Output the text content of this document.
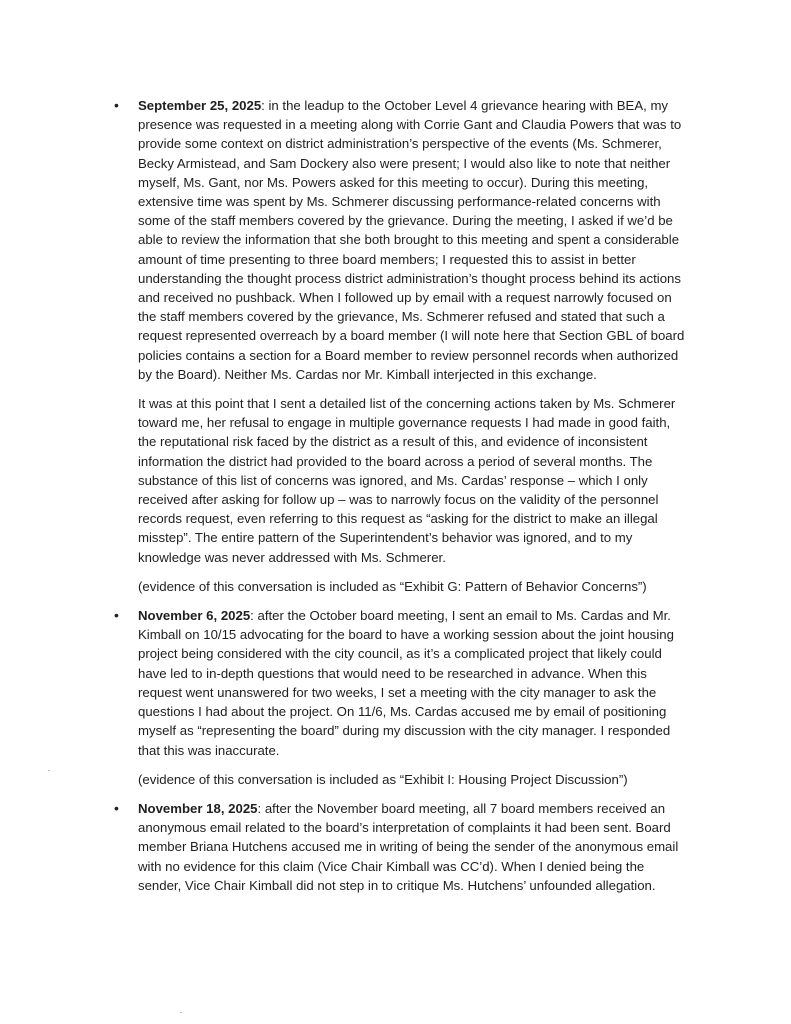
• September 25, 2025: in the leadup to the October Level 4 grievance hearing with BEA, my presence was requested in a meeting along with Corrie Gant and Claudia Powers that was to provide some context on district administration’s perspective of the events (Ms. Schmerer, Becky Armistead, and Sam Dockery also were present; I would also like to note that neither myself, Ms. Gant, nor Ms. Powers asked for this meeting to occur). During this meeting, extensive time was spent by Ms. Schmerer discussing performance-related concerns with some of the staff members covered by the grievance. During the meeting, I asked if we’d be able to review the information that she both brought to this meeting and spent a considerable amount of time presenting to three board members; I requested this to assist in better understanding the thought process district administration’s thought process behind its actions and received no pushback. When I followed up by email with a request narrowly focused on the staff members covered by the grievance, Ms. Schmerer refused and stated that such a request represented overreach by a board member (I will note here that Section GBL of board policies contains a section for a Board member to review personnel records when authorized by the Board). Neither Ms. Cardas nor Mr. Kimball interjected in this exchange.

It was at this point that I sent a detailed list of the concerning actions taken by Ms. Schmerer toward me, her refusal to engage in multiple governance requests I had made in good faith, the reputational risk faced by the district as a result of this, and evidence of inconsistent information the district had provided to the board across a period of several months. The substance of this list of concerns was ignored, and Ms. Cardas’ response – which I only received after asking for follow up – was to narrowly focus on the validity of the personnel records request, even referring to this request as “asking for the district to make an illegal misstep”. The entire pattern of the Superintendent’s behavior was ignored, and to my knowledge was never addressed with Ms. Schmerer.

(evidence of this conversation is included as “Exhibit G: Pattern of Behavior Concerns”)

• November 6, 2025: after the October board meeting, I sent an email to Ms. Cardas and Mr. Kimball on 10/15 advocating for the board to have a working session about the joint housing project being considered with the city council, as it’s a complicated project that likely could have led to in-depth questions that would need to be researched in advance. When this request went unanswered for two weeks, I set a meeting with the city manager to ask the questions I had about the project. On 11/6, Ms. Cardas accused me by email of positioning myself as “representing the board” during my discussion with the city manager. I responded that this was inaccurate.

(evidence of this conversation is included as “Exhibit I: Housing Project Discussion”)

• November 18, 2025: after the November board meeting, all 7 board members received an anonymous email related to the board’s interpretation of complaints it had been sent. Board member Briana Hutchens accused me in writing of being the sender of the anonymous email with no evidence for this claim (Vice Chair Kimball was CC’d). When I denied being the sender, Vice Chair Kimball did not step in to critique Ms. Hutchens’ unfounded allegation.
